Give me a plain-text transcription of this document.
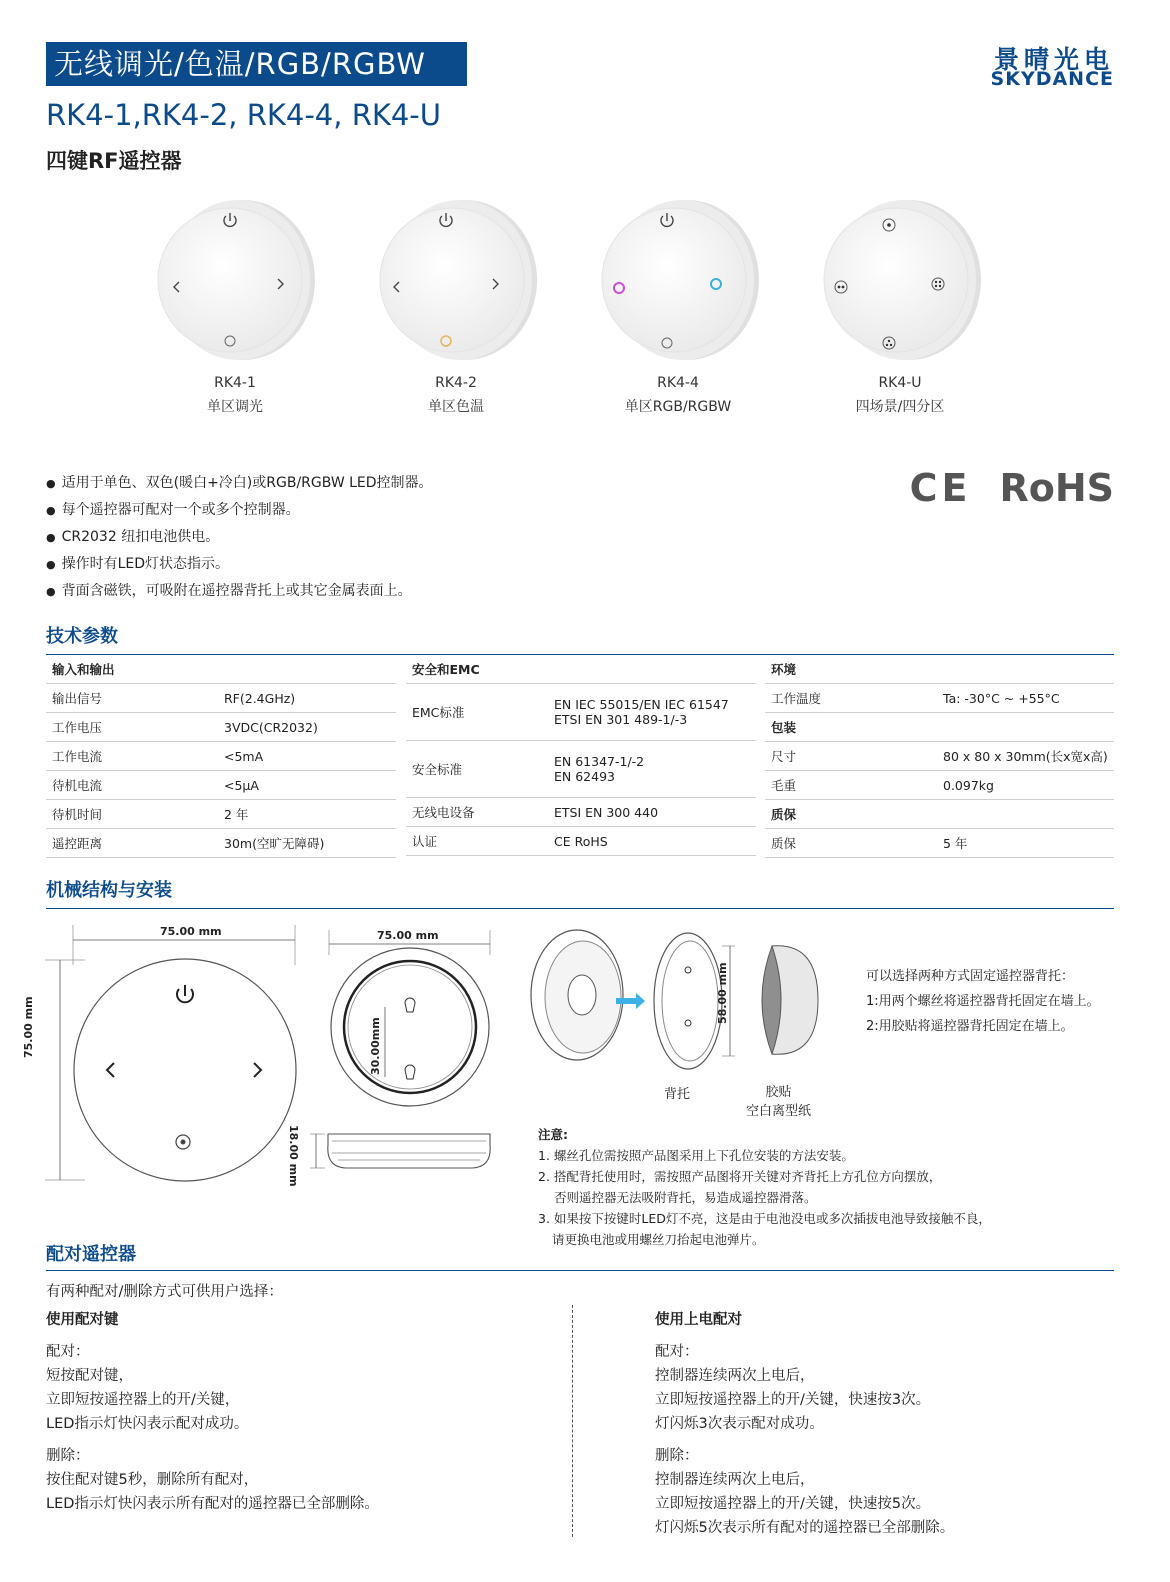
无线调光/色温/RGB/RGBW	景晴光电
SKYDANCE
RK4-1,RK4-2, RK4-4, RK4-U
四键RF遥控器
RK4-1
单区调光
RK4-2
单区色温
RK4-4
单区RGB/RGBW
RK4-U
四场景/四分区
● 适用于单色、双色(暖白+冷白)或RGB/RGBW LED控制器。
● 每个遥控器可配对一个或多个控制器。
● CR2032 纽扣电池供电。
● 操作时有LED灯状态指示。
● 背面含磁铁，可吸附在遥控器背托上或其它金属表面上。
CE RoHS
技术参数
输入和输出	
输出信号	RF(2.4GHz)
工作电压	3VDC(CR2032)
工作电流	<5mA
待机电流	<5μA
待机时间	2 年
遥控距离	30m(空旷无障碍)
安全和EMC	
EMC标准	EN IEC 55015/EN IEC 61547
ETSI EN 301 489-1/-3
安全标准	EN 61347-1/-2
EN 62493
无线电设备	ETSI EN 300 440
认证	CE RoHS
环境	
工作温度	Ta: -30°C ~ +55°C
包装	
尺寸	80 x 80 x 30mm(长x宽x高)
毛重	0.097kg
质保	
质保	5 年
机械结构与安装
75.00 mm
75.00 mm
75.00 mm
30.00mm
18.00 mm
58.00 mm
背托	胶贴
空白离型纸
可以选择两种方式固定遥控器背托：
1:用两个螺丝将遥控器背托固定在墙上。
2:用胶贴将遥控器背托固定在墙上。
注意:
1. 螺丝孔位需按照产品图采用上下孔位安装的方法安装。
2. 搭配背托使用时，需按照产品图将开关键对齐背托上方孔位方向摆放，
否则遥控器无法吸附背托，易造成遥控器滑落。
3. 如果按下按键时LED灯不亮，这是由于电池没电或多次插拔电池导致接触不良，
请更换电池或用螺丝刀抬起电池弹片。
配对遥控器
有两种配对/删除方式可供用户选择：
使用配对键
配对：
短按配对键，
立即短按遥控器上的开/关键，
LED指示灯快闪表示配对成功。
删除：
按住配对键5秒，删除所有配对，
LED指示灯快闪表示所有配对的遥控器已全部删除。
使用上电配对
配对：
控制器连续两次上电后，
立即短按遥控器上的开/关键，快速按3次。
灯闪烁3次表示配对成功。
删除：
控制器连续两次上电后，
立即短按遥控器上的开/关键，快速按5次。
灯闪烁5次表示所有配对的遥控器已全部删除。
